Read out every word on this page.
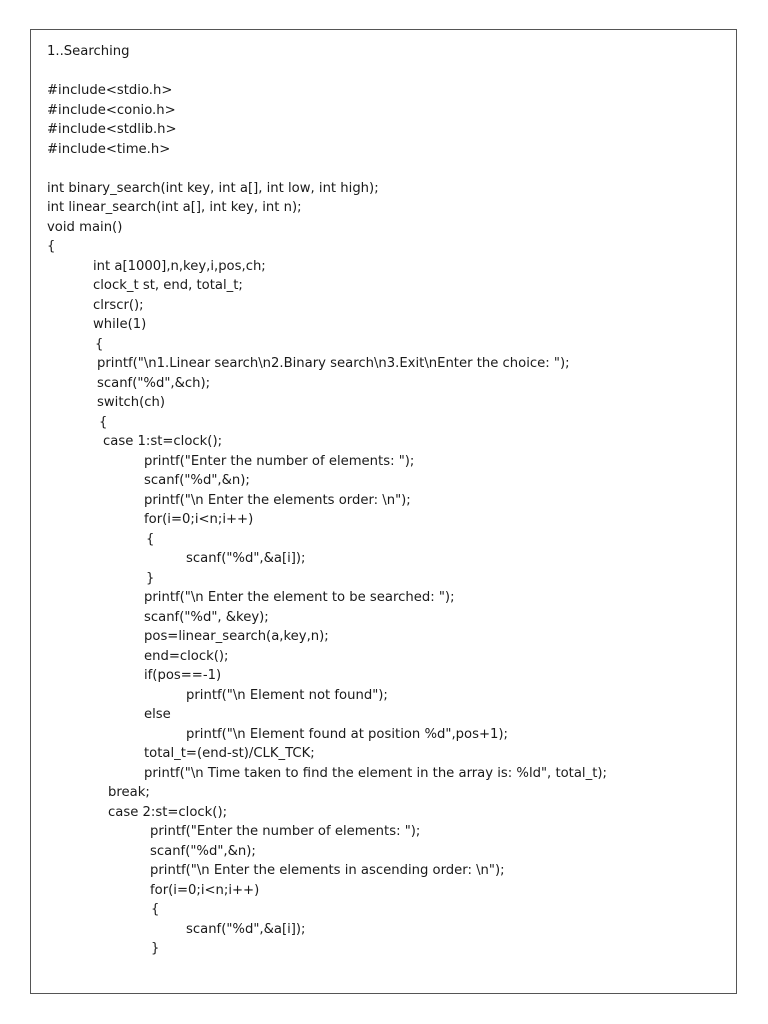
1..Searching
#include<stdio.h>
#include<conio.h>
#include<stdlib.h>
#include<time.h>
int binary_search(int key, int a[], int low, int high);
int linear_search(int a[], int key, int n);
void main()
{
int a[1000],n,key,i,pos,ch;
clock_t st, end, total_t;
clrscr();
while(1)
{
printf("\n1.Linear search\n2.Binary search\n3.Exit\nEnter the choice: ");
scanf("%d",&ch);
switch(ch)
{
case 1:st=clock();
printf("Enter the number of elements: ");
scanf("%d",&n);
printf("\n Enter the elements order: \n");
for(i=0;i<n;i++)
{
scanf("%d",&a[i]);
}
printf("\n Enter the element to be searched: ");
scanf("%d", &key);
pos=linear_search(a,key,n);
end=clock();
if(pos==-1)
printf("\n Element not found");
else
printf("\n Element found at position %d",pos+1);
total_t=(end-st)/CLK_TCK;
printf("\n Time taken to find the element in the array is: %ld", total_t);
break;
case 2:st=clock();
printf("Enter the number of elements: ");
scanf("%d",&n);
printf("\n Enter the elements in ascending order: \n");
for(i=0;i<n;i++)
{
scanf("%d",&a[i]);
}
